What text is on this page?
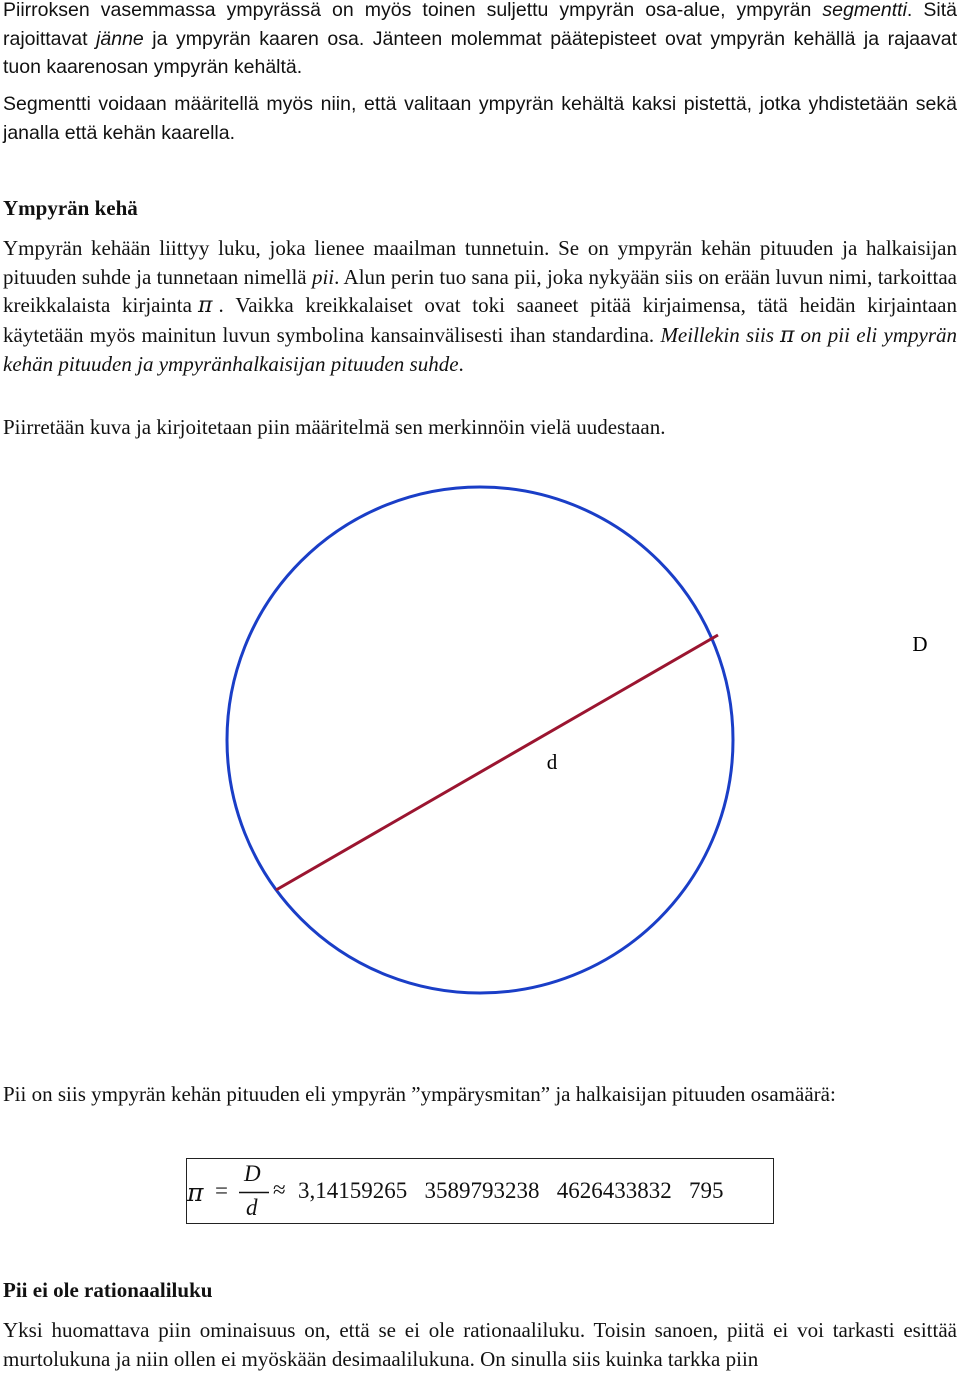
Piirroksen vasemmassa ympyrässä on myös toinen suljettu ympyrän osa-alue, ympyrän segmentti. Sitä rajoittavat jänne ja ympyrän kaaren osa. Jänteen molemmat päätepisteet ovat ympyrän kehällä ja rajaavat tuon kaarenosan ympyrän kehältä.

Segmentti voidaan määritellä myös niin, että valitaan ympyrän kehältä kaksi pistettä, jotka yhdistetään sekä janalla että kehän kaarella.

Ympyrän kehä

Ympyrän kehään liittyy luku, joka lienee maailman tunnetuin. Se on ympyrän kehän pituuden ja halkaisijan pituuden suhde ja tunnetaan nimellä pii. Alun perin tuo sana pii, joka nykyään siis on erään luvun nimi, tarkoittaa kreikkalaista kirjainta π . Vaikka kreikkalaiset ovat toki saaneet pitää kirjaimensa, tätä heidän kirjaintaan käytetään myös mainitun luvun symbolina kansainvälisesti ihan standardina. Meillekin siis π on pii eli ympyrän kehän pituuden ja ympyränhalkaisijan pituuden suhde.

Piirretään kuva ja kirjoitetaan piin määritelmä sen merkinnöin vielä uudestaan.

D
d

Pii on siis ympyrän kehän pituuden eli ympyrän ”ympärysmitan” ja halkaisijan pituuden osamäärä:

π =
D
d
≈ 3,14159265   3589793238   4626433832   795
Pii ei ole rationaaliluku

Yksi huomattava piin ominaisuus on, että se ei ole rationaaliluku. Toisin sanoen, piitä ei voi tarkasti esittää murtolukuna ja niin ollen ei myöskään desimaalilukuna. On sinulla siis kuinka tarkka piin
